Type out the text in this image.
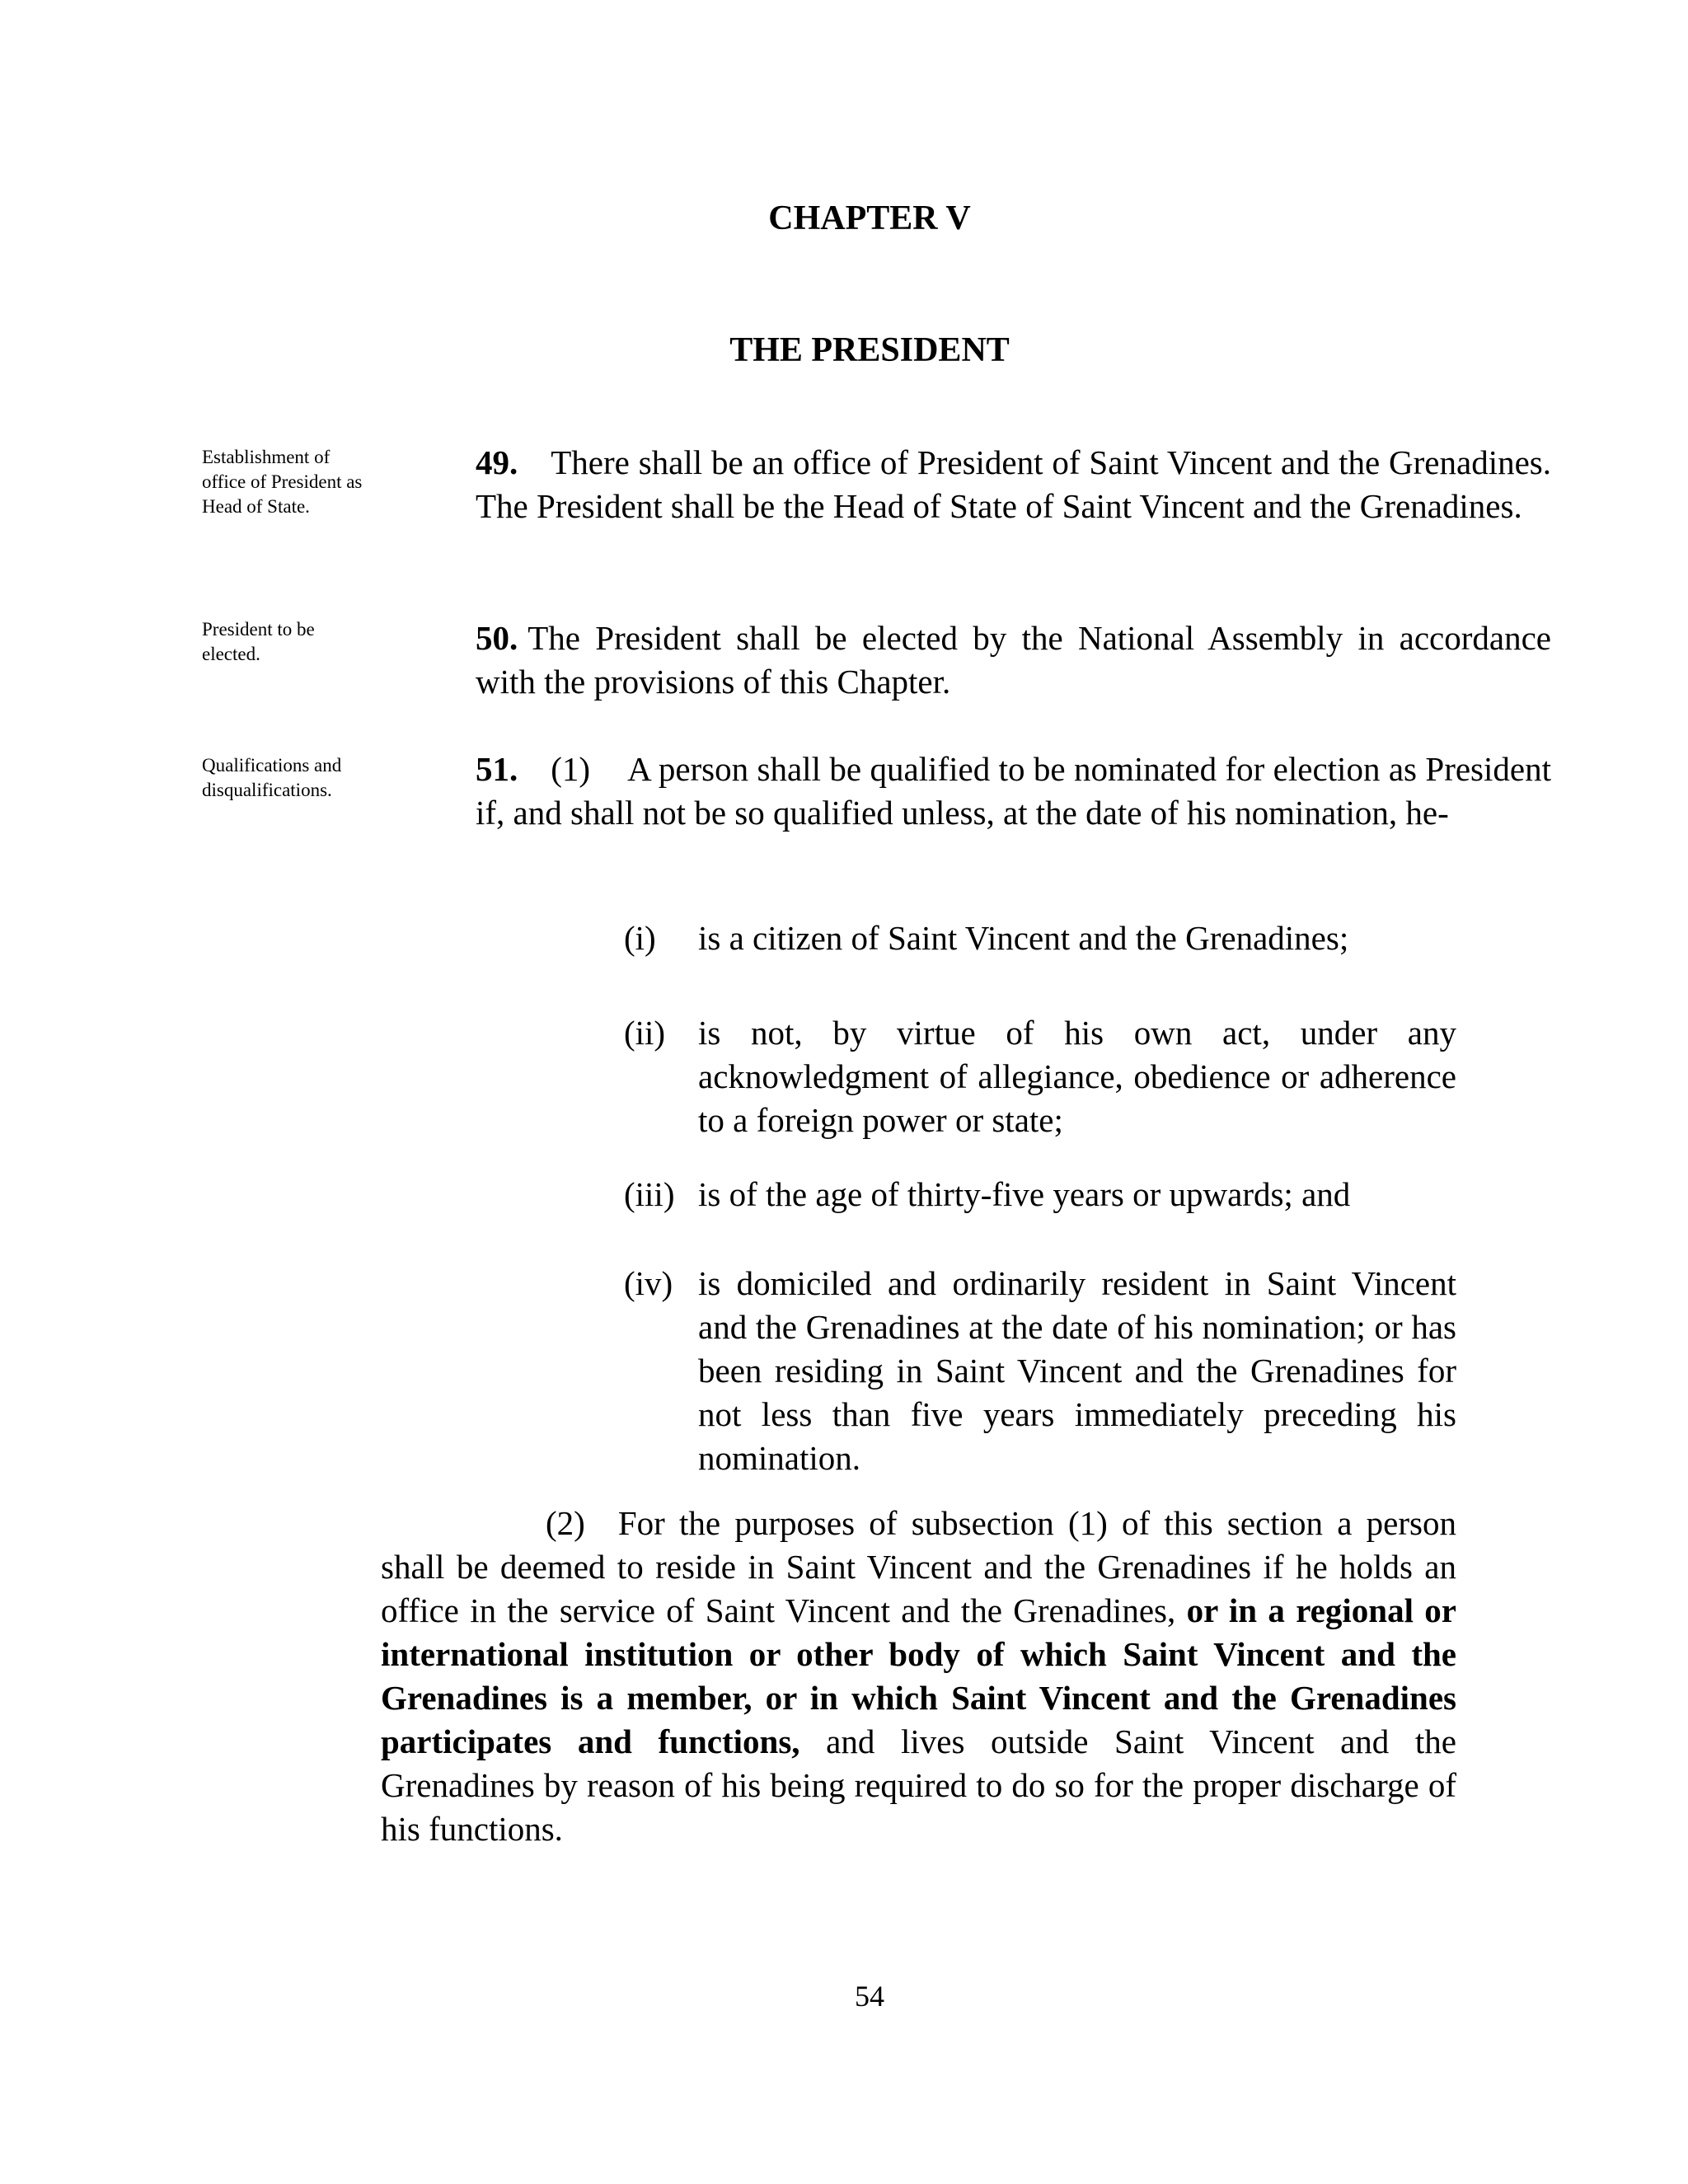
CHAPTER V
THE PRESIDENT
Establishment of office of President as Head of State.
President to be elected.
Qualifications and disqualifications.
49. There shall be an office of President of Saint Vincent and the Grenadines. The President shall be the Head of State of Saint Vincent and the Grenadines.
50. The President shall be elected by the National Assembly in accordance with the provisions of this Chapter.
51. (1) A person shall be qualified to be nominated for election as President if, and shall not be so qualified unless, at the date of his nomination, he-
(i)	is a citizen of Saint Vincent and the Grenadines;
(ii) is not, by virtue of his own act, under any acknowledgment of allegiance, obedience or adherence to a foreign power or state;
(iii) is of the age of thirty-five years or upwards; and
(iv) is domiciled and ordinarily resident in Saint Vincent and the Grenadines at the date of his nomination; or has been residing in Saint Vincent and the Grenadines for not less than five years immediately preceding his nomination.
(2) For the purposes of subsection (1) of this section a person shall be deemed to reside in Saint Vincent and the Grenadines if he holds an office in the service of Saint Vincent and the Grenadines, or in a regional or international institution or other body of which Saint Vincent and the Grenadines is a member, or in which Saint Vincent and the Grenadines participates and functions, and lives outside Saint Vincent and the Grenadines by reason of his being required to do so for the proper discharge of his functions.
54
